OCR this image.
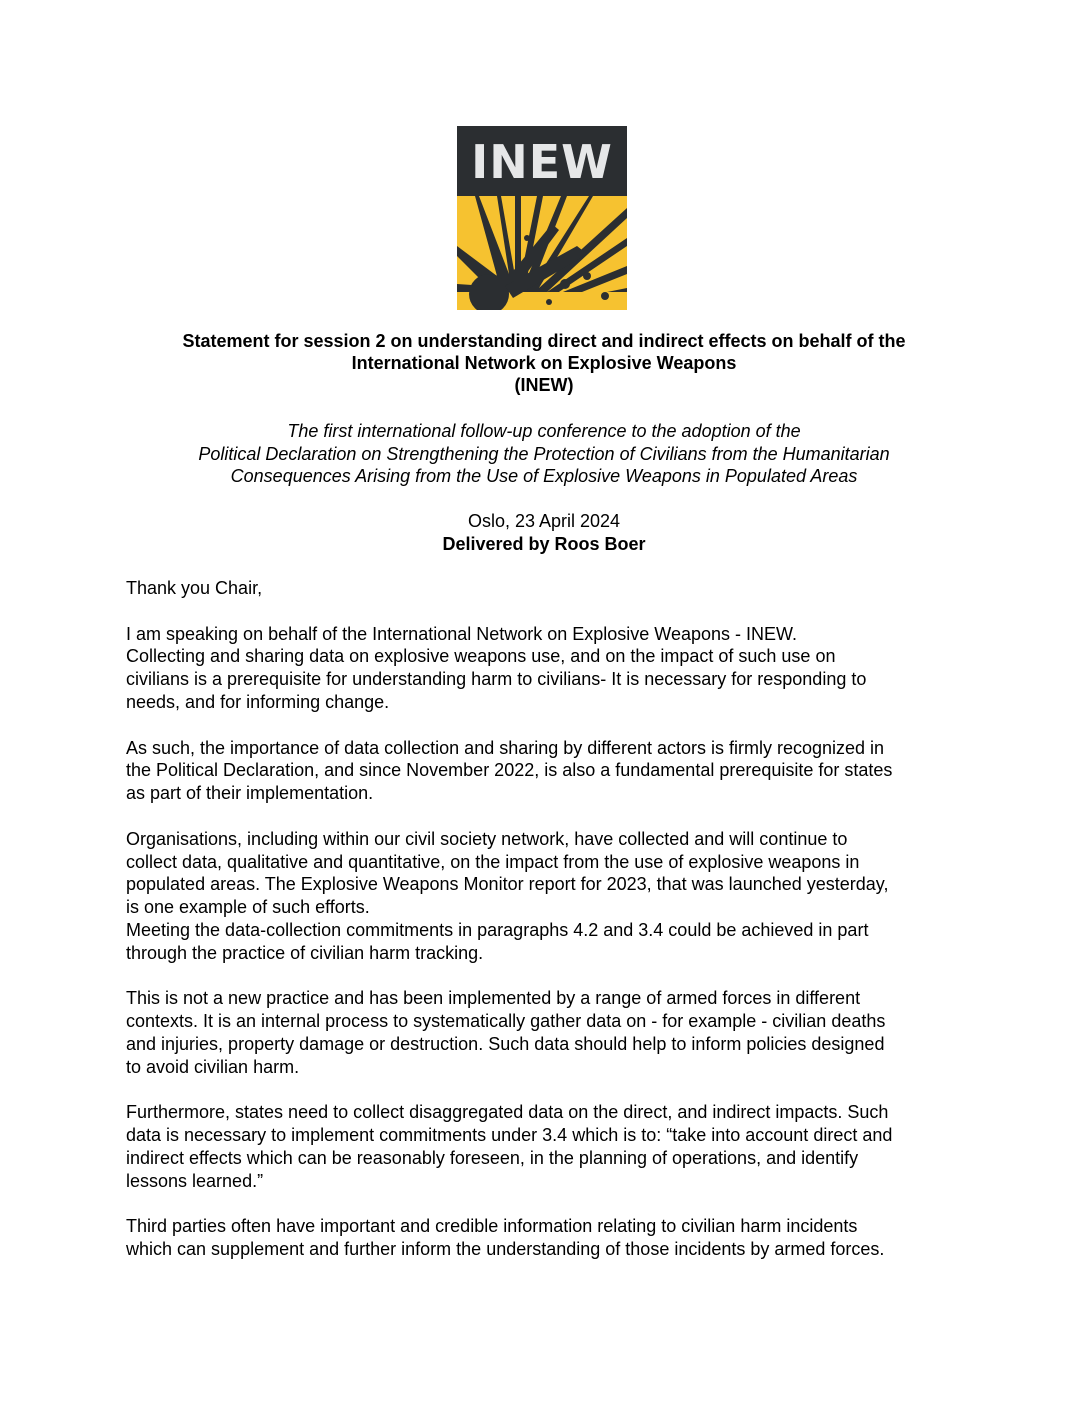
INEW
Statement for session 2 on understanding direct and indirect effects on behalf of the
International Network on Explosive Weapons
(INEW)
The first international follow-up conference to the adoption of the
Political Declaration on Strengthening the Protection of Civilians from the Humanitarian
Consequences Arising from the Use of Explosive Weapons in Populated Areas
Oslo, 23 April 2024
Delivered by Roos Boer

Thank you Chair,

I am speaking on behalf of the International Network on Explosive Weapons - INEW.
Collecting and sharing data on explosive weapons use, and on the impact of such use on
civilians is a prerequisite for understanding harm to civilians- It is necessary for responding to
needs, and for informing change.

As such, the importance of data collection and sharing by different actors is firmly recognized in
the Political Declaration, and since November 2022, is also a fundamental prerequisite for states
as part of their implementation.

Organisations, including within our civil society network, have collected and will continue to
collect data, qualitative and quantitative, on the impact from the use of explosive weapons in
populated areas. The Explosive Weapons Monitor report for 2023, that was launched yesterday,
is one example of such efforts.

Meeting the data-collection commitments in paragraphs 4.2 and 3.4 could be achieved in part
through the practice of civilian harm tracking.

This is not a new practice and has been implemented by a range of armed forces in different
contexts. It is an internal process to systematically gather data on - for example - civilian deaths
and injuries, property damage or destruction. Such data should help to inform policies designed
to avoid civilian harm.

Furthermore, states need to collect disaggregated data on the direct, and indirect impacts. Such
data is necessary to implement commitments under 3.4 which is to: “take into account direct and
indirect effects which can be reasonably foreseen, in the planning of operations, and identify
lessons learned.”

Third parties often have important and credible information relating to civilian harm incidents
which can supplement and further inform the understanding of those incidents by armed forces.
